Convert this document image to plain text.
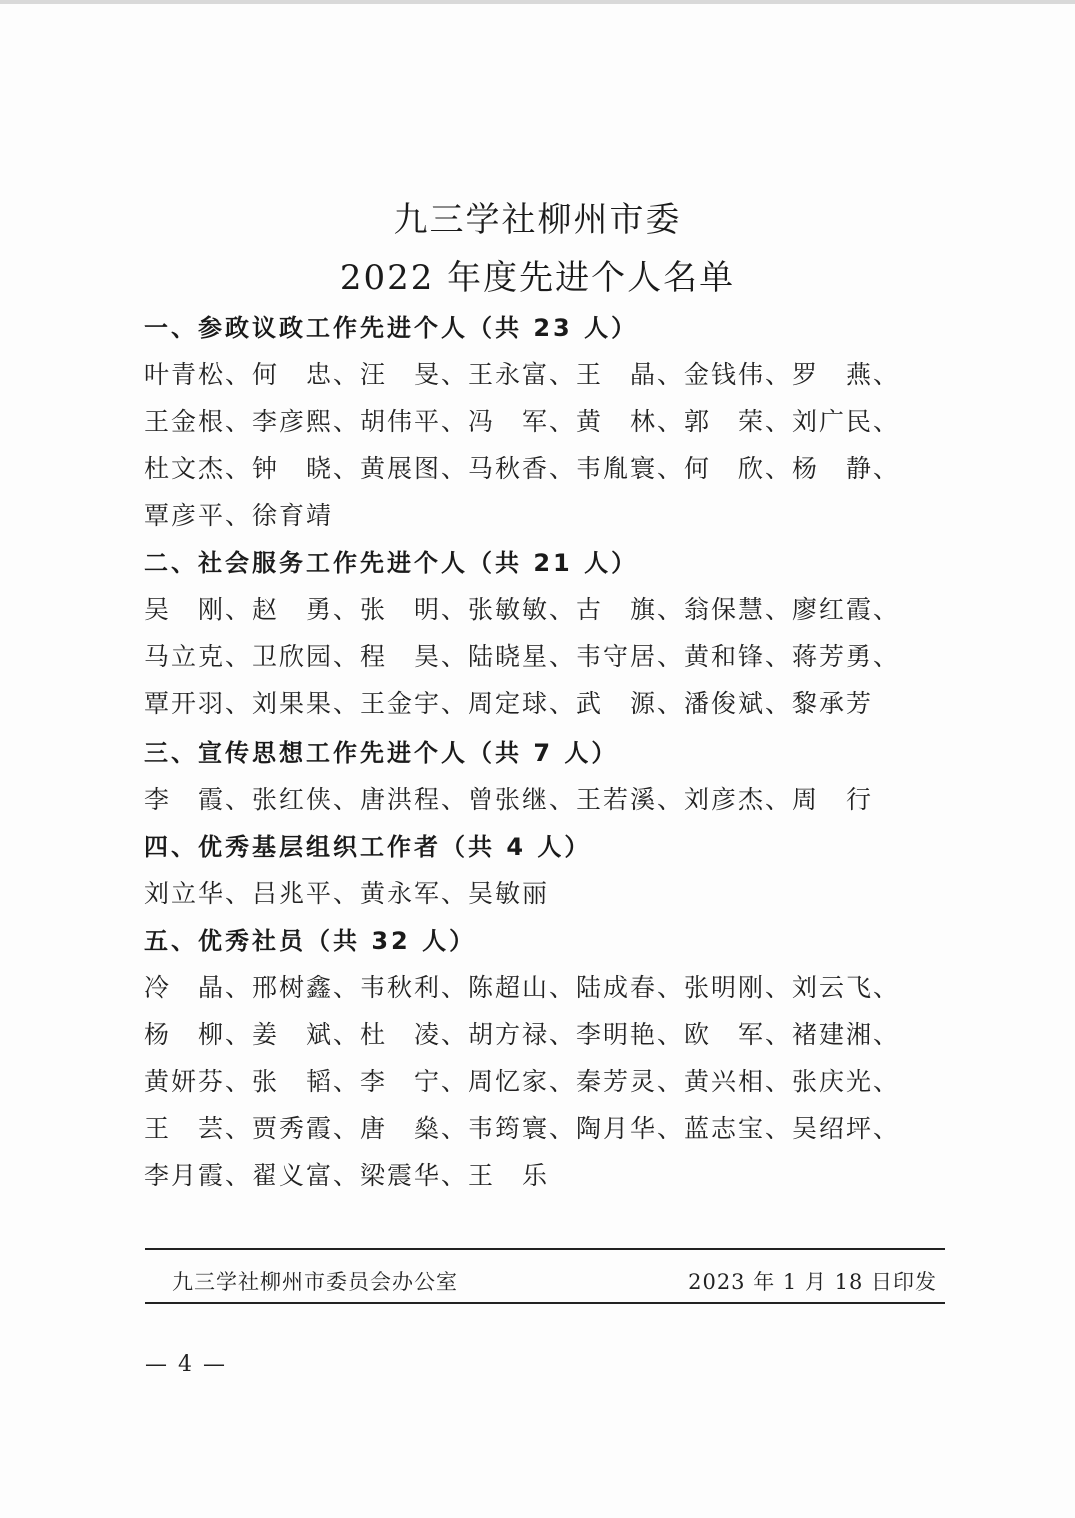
九三学社柳州市委
2022 年度先进个人名单
一、参政议政工作先进个人（共 23 人）
叶青松、何　忠、汪　旻、王永富、王　晶、金钱伟、罗　燕、
王金根、李彦熙、胡伟平、冯　军、黄　林、郭　荣、刘广民、
杜文杰、钟　晓、黄展图、马秋香、韦胤寰、何　欣、杨　静、
覃彦平、徐育靖
二、社会服务工作先进个人（共 21 人）
吴　刚、赵　勇、张　明、张敏敏、古　旗、翁保慧、廖红霞、
马立克、卫欣园、程　昊、陆晓星、韦守居、黄和锋、蒋芳勇、
覃开羽、刘果果、王金宇、周定球、武　源、潘俊斌、黎承芳
三、宣传思想工作先进个人（共 7 人）
李　霞、张红侠、唐洪程、曾张继、王若溪、刘彦杰、周　行
四、优秀基层组织工作者（共 4 人）
刘立华、吕兆平、黄永军、吴敏丽
五、优秀社员（共 32 人）
冷　晶、邢树鑫、韦秋利、陈超山、陆成春、张明刚、刘云飞、
杨　柳、姜　斌、杜　凌、胡方禄、李明艳、欧　军、褚建湘、
黄妍芬、张　韬、李　宁、周忆家、秦芳灵、黄兴相、张庆光、
王　芸、贾秀霞、唐　燊、韦筠寰、陶月华、蓝志宝、吴绍坪、
李月霞、翟义富、梁震华、王　乐
九三学社柳州市委员会办公室	2023 年 1 月 18 日印发
— 4 —
